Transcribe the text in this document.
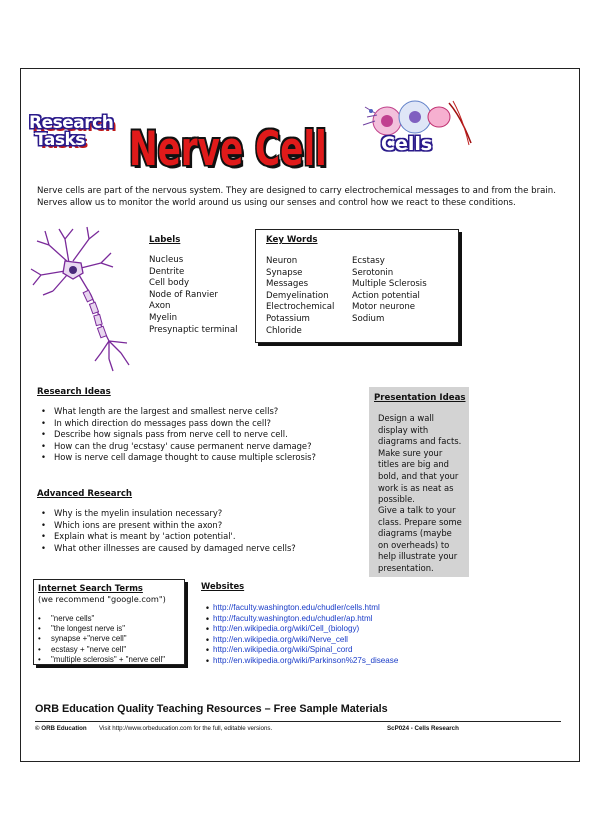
Research
Tasks	Nerve Cell	Cells
Nerve cells are part of the nervous system. They are designed to carry electrochemical messages to and from the brain. Nerves allow us to monitor the world around us using our senses and control how we react to these conditions.
Labels
Nucleus
Dentrite
Cell body
Node of Ranvier
Axon
Myelin
Presynaptic terminal
Key Words
Neuron
Synapse
Messages
Demyelination
Electrochemical
Potassium
Chloride
Ecstasy
Serotonin
Multiple Sclerosis
Action potential
Motor neurone
Sodium
Research Ideas
• What length are the largest and smallest nerve cells?
• In which direction do messages pass down the cell?
• Describe how signals pass from nerve cell to nerve cell.
• How can the drug 'ecstasy' cause permanent nerve damage?
• How is nerve cell damage thought to cause multiple sclerosis?
Advanced Research
• Why is the myelin insulation necessary?
• Which ions are present within the axon?
• Explain what is meant by 'action potential'.
• What other illnesses are caused by damaged nerve cells?
Presentation Ideas
Design a wall display with diagrams and facts. Make sure your titles are big and bold, and that your work is as neat as possible.
Give a talk to your class. Prepare some diagrams (maybe on overheads) to help illustrate your presentation.
Internet Search Terms
(we recommend "google.com")
• "nerve cells"
• "the longest nerve is"
• synapse +"nerve cell"
• ecstasy + "nerve cell"
• "multiple sclerosis" + "nerve cell"
Websites
• http://faculty.washington.edu/chudler/cells.html
• http://faculty.washington.edu/chudler/ap.html
• http://en.wikipedia.org/wiki/Cell_(biology)
• http://en.wikipedia.org/wiki/Nerve_cell
• http://en.wikipedia.org/wiki/Spinal_cord
• http://en.wikipedia.org/wiki/Parkinson%27s_disease
ORB Education Quality Teaching Resources – Free Sample Materials
© ORB Education Visit http://www.orbeducation.com for the full, editable versions.	ScP024 - Cells Research
